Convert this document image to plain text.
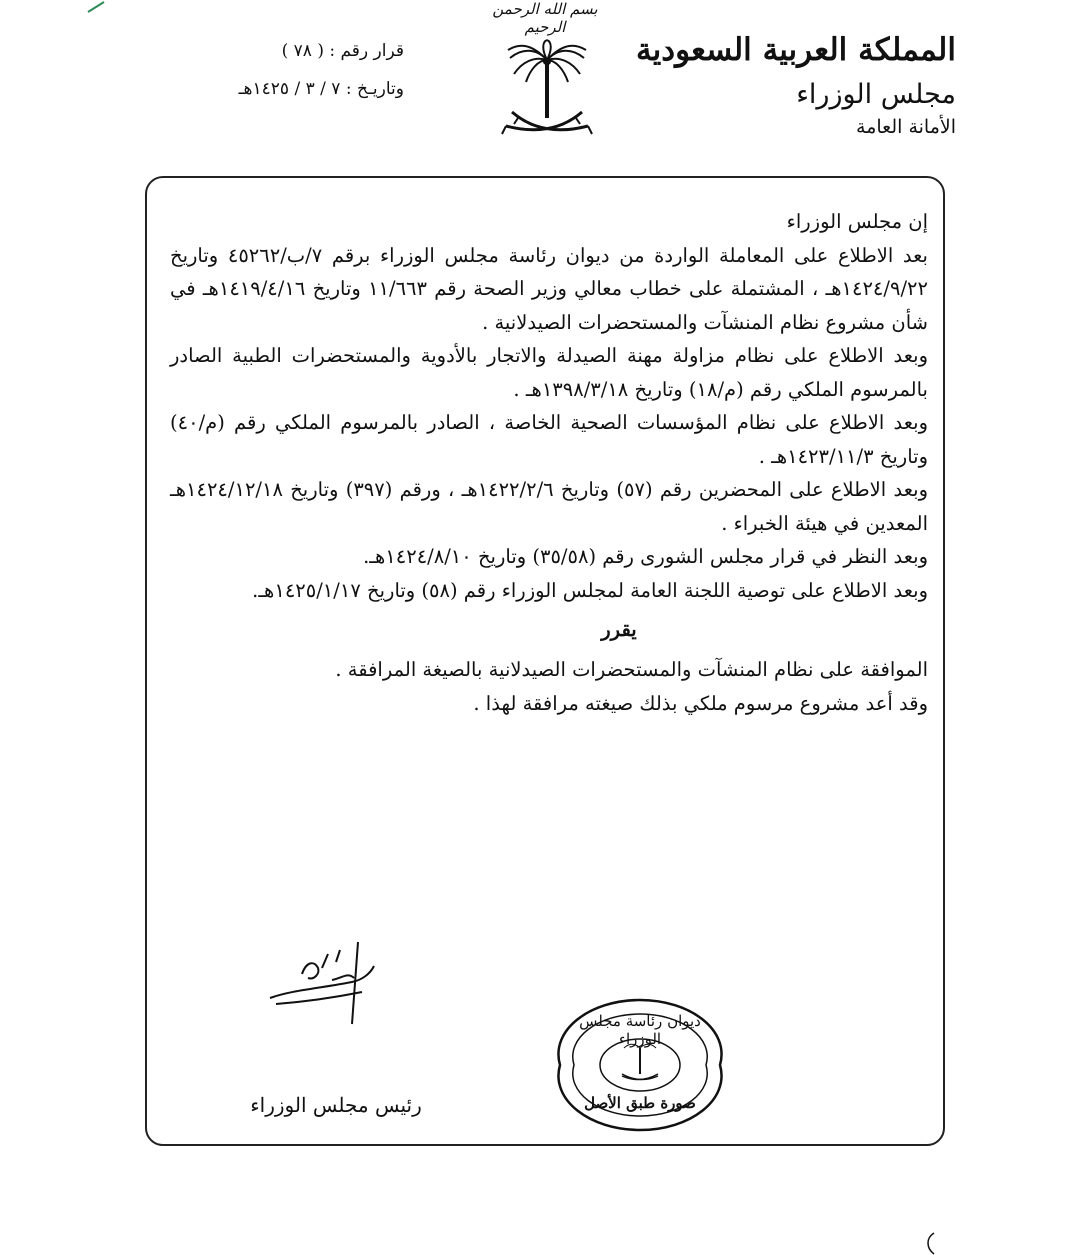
بسم الله الرحمن الرحيم
المملكة العربية السعودية
مجلس الوزراء
الأمانة العامة
قرار رقم : ( ٧٨ )
وتاريـخ : ٧ / ٣ / ١٤٢٥هـ

إن مجلس الوزراء

بعد الاطلاع على المعاملة الواردة من ديوان رئاسة مجلس الوزراء برقم ٧/ب/٤٥٢٦٢ وتاريخ ١٤٢٤/٩/٢٢هـ ، المشتملة على خطاب معالي وزير الصحة رقم ١١/٦٦٣ وتاريخ ١٤١٩/٤/١٦هـ في شأن مشروع نظام المنشآت والمستحضرات الصيدلانية .

وبعد الاطلاع على نظام مزاولة مهنة الصيدلة والاتجار بالأدوية والمستحضرات الطبية الصادر بالمرسوم الملكي رقم (م/١٨) وتاريخ ١٣٩٨/٣/١٨هـ .

وبعد الاطلاع على نظام المؤسسات الصحية الخاصة ، الصادر بالمرسوم الملكي رقم (م/٤٠) وتاريخ ١٤٢٣/١١/٣هـ .

وبعد الاطلاع على المحضرين رقم (٥٧) وتاريخ ١٤٢٢/٢/٦هـ ، ورقم (٣٩٧) وتاريخ ١٤٢٤/١٢/١٨هـ المعدين في هيئة الخبراء .

وبعد النظر في قرار مجلس الشورى رقم (٣٥/٥٨) وتاريخ ١٤٢٤/٨/١٠هـ.

وبعد الاطلاع على توصية اللجنة العامة لمجلس الوزراء رقم (٥٨) وتاريخ ١٤٢٥/١/١٧هـ.

يقرر

الموافقة على نظام المنشآت والمستحضرات الصيدلانية بالصيغة المرافقة .

وقد أعد مشروع مرسوم ملكي بذلك صيغته مرافقة لهذا .

ديوان رئاسة مجلس الوزراء
صورة طبق الأصل
رئيس مجلس الوزراء
